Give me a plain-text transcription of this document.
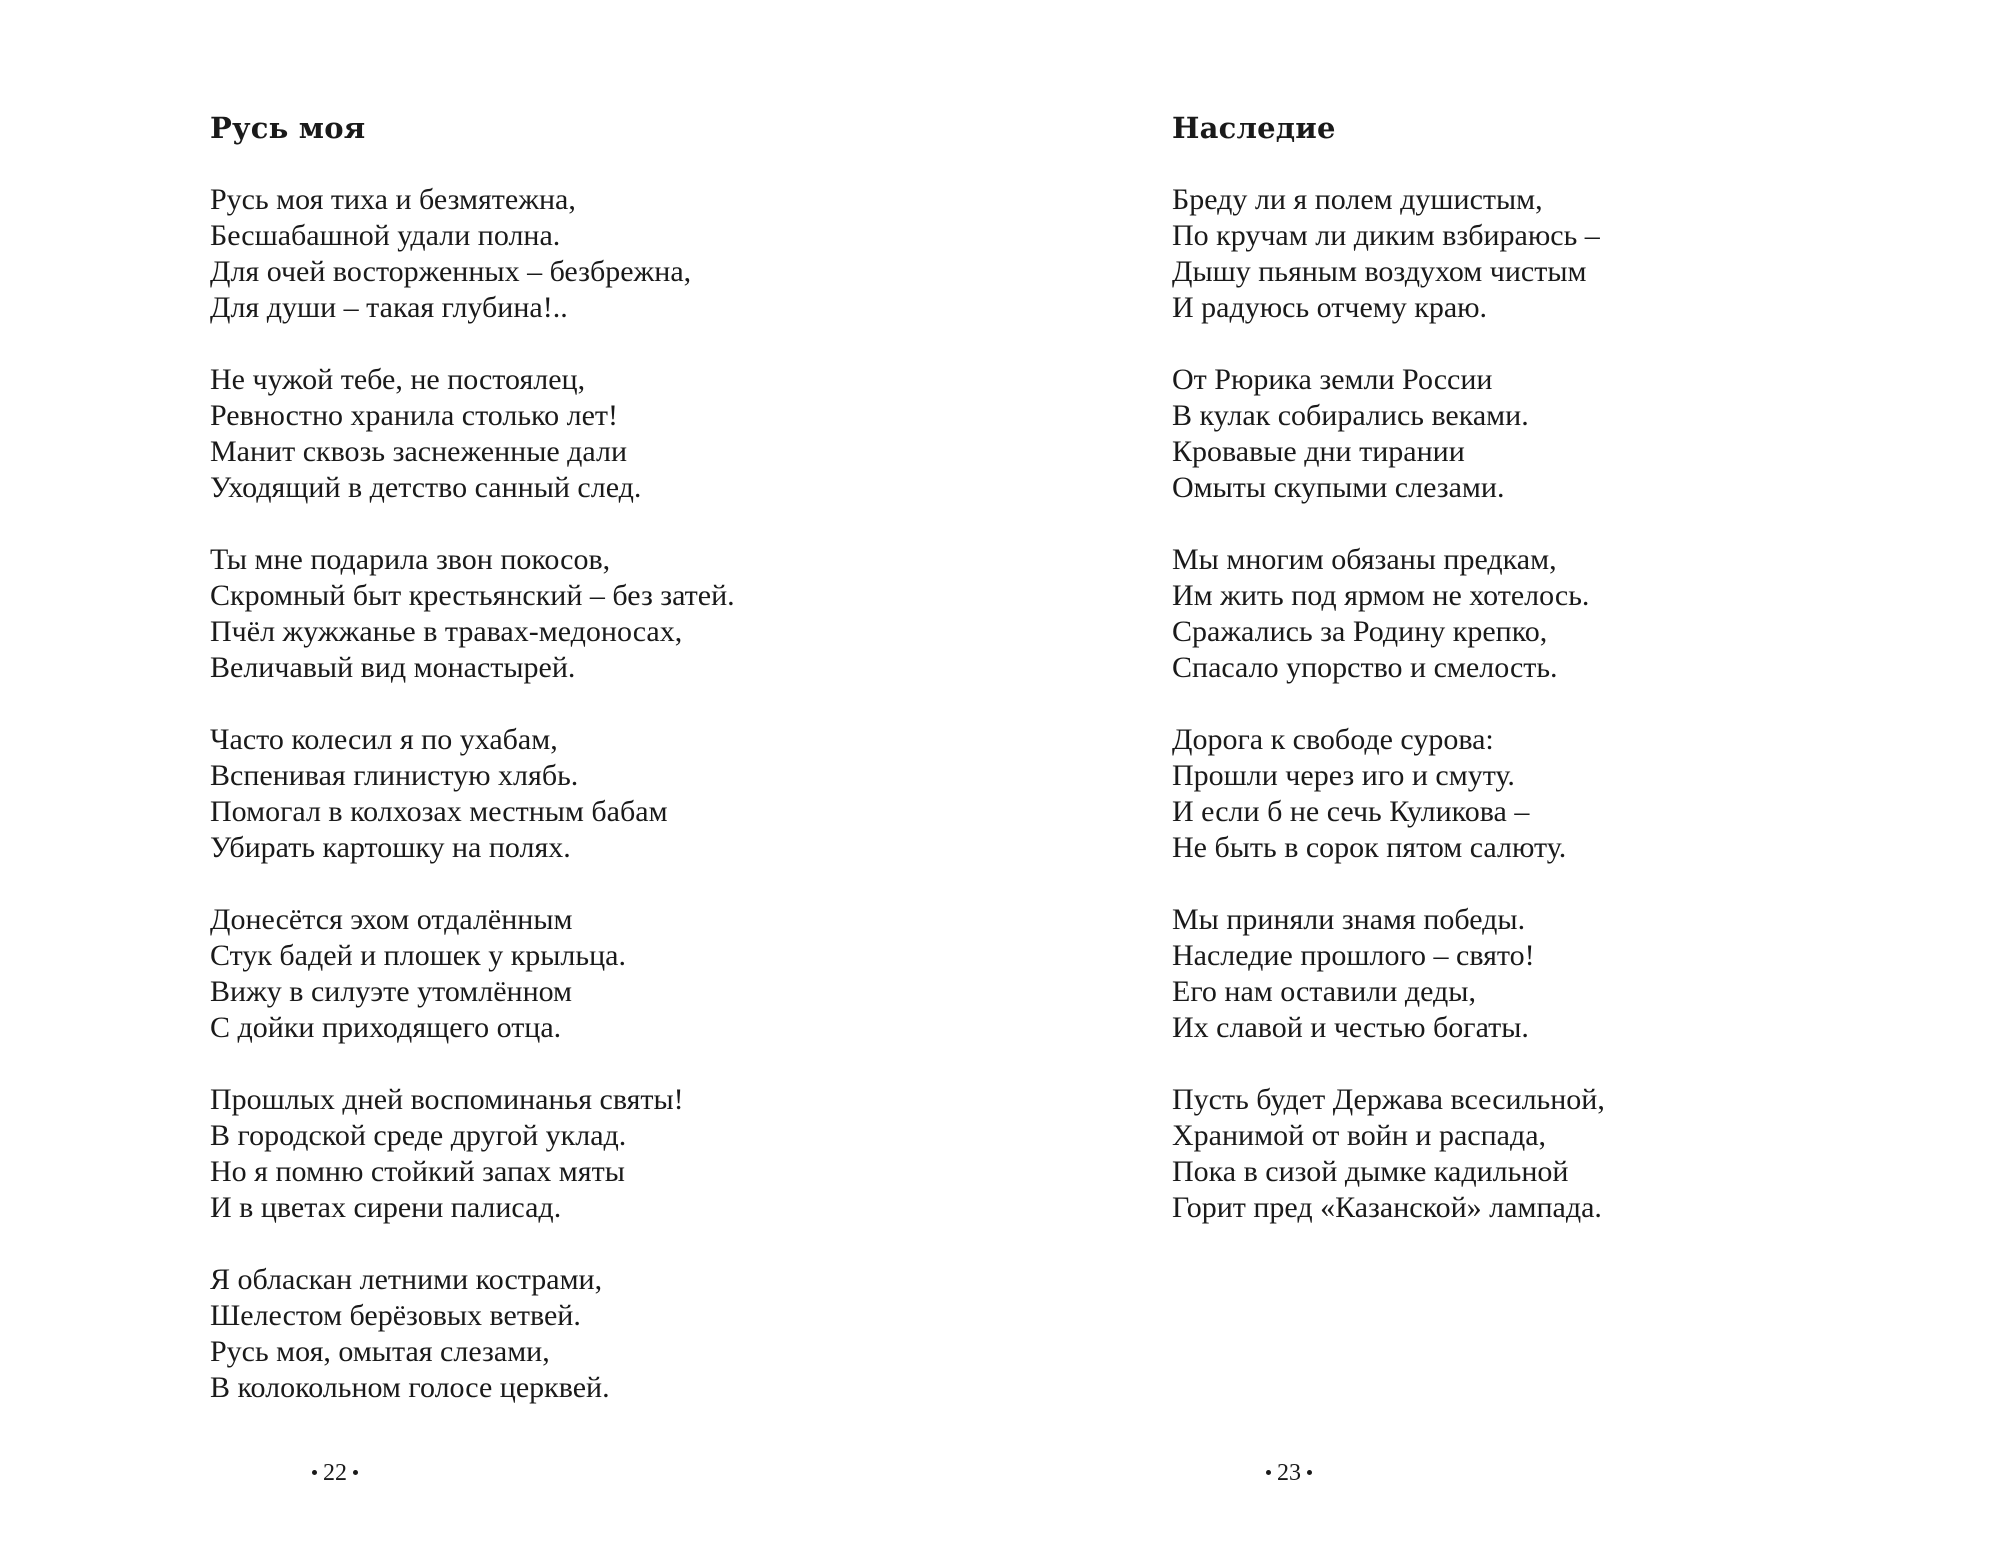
Русь моя
Русь моя тиха и безмятежна,
Бесшабашной удали полна.
Для очей восторженных – безбрежна,
Для души – такая глубина!..
Не чужой тебе, не постоялец,
Ревностно хранила столько лет!
Манит сквозь заснеженные дали
Уходящий в детство санный след.
Ты мне подарила звон покосов,
Скромный быт крестьянский – без затей.
Пчёл жужжанье в травах-медоносах,
Величавый вид монастырей.
Часто колесил я по ухабам,
Вспенивая глинистую хлябь.
Помогал в колхозах местным бабам
Убирать картошку на полях.
Донесётся эхом отдалённым
Стук бадей и плошек у крыльца.
Вижу в силуэте утомлённом
С дойки приходящего отца.
Прошлых дней воспоминанья святы!
В городской среде другой уклад.
Но я помню стойкий запах мяты
И в цветах сирени палисад.
Я обласкан летними кострами,
Шелестом берёзовых ветвей.
Русь моя, омытая слезами,
В колокольном голосе церквей.
22
Наследие
Бреду ли я полем душистым,
По кручам ли диким взбираюсь –
Дышу пьяным воздухом чистым
И радуюсь отчему краю.
От Рюрика земли России
В кулак собирались веками.
Кровавые дни тирании
Омыты скупыми слезами.
Мы многим обязаны предкам,
Им жить под ярмом не хотелось.
Сражались за Родину крепко,
Спасало упорство и смелость.
Дорога к свободе сурова:
Прошли через иго и смуту.
И если б не сечь Куликова –
Не быть в сорок пятом салюту.
Мы приняли знамя победы.
Наследие прошлого – свято!
Его нам оставили деды,
Их славой и честью богаты.
Пусть будет Держава всесильной,
Хранимой от войн и распада,
Пока в сизой дымке кадильной
Горит пред «Казанской» лампада.
23
